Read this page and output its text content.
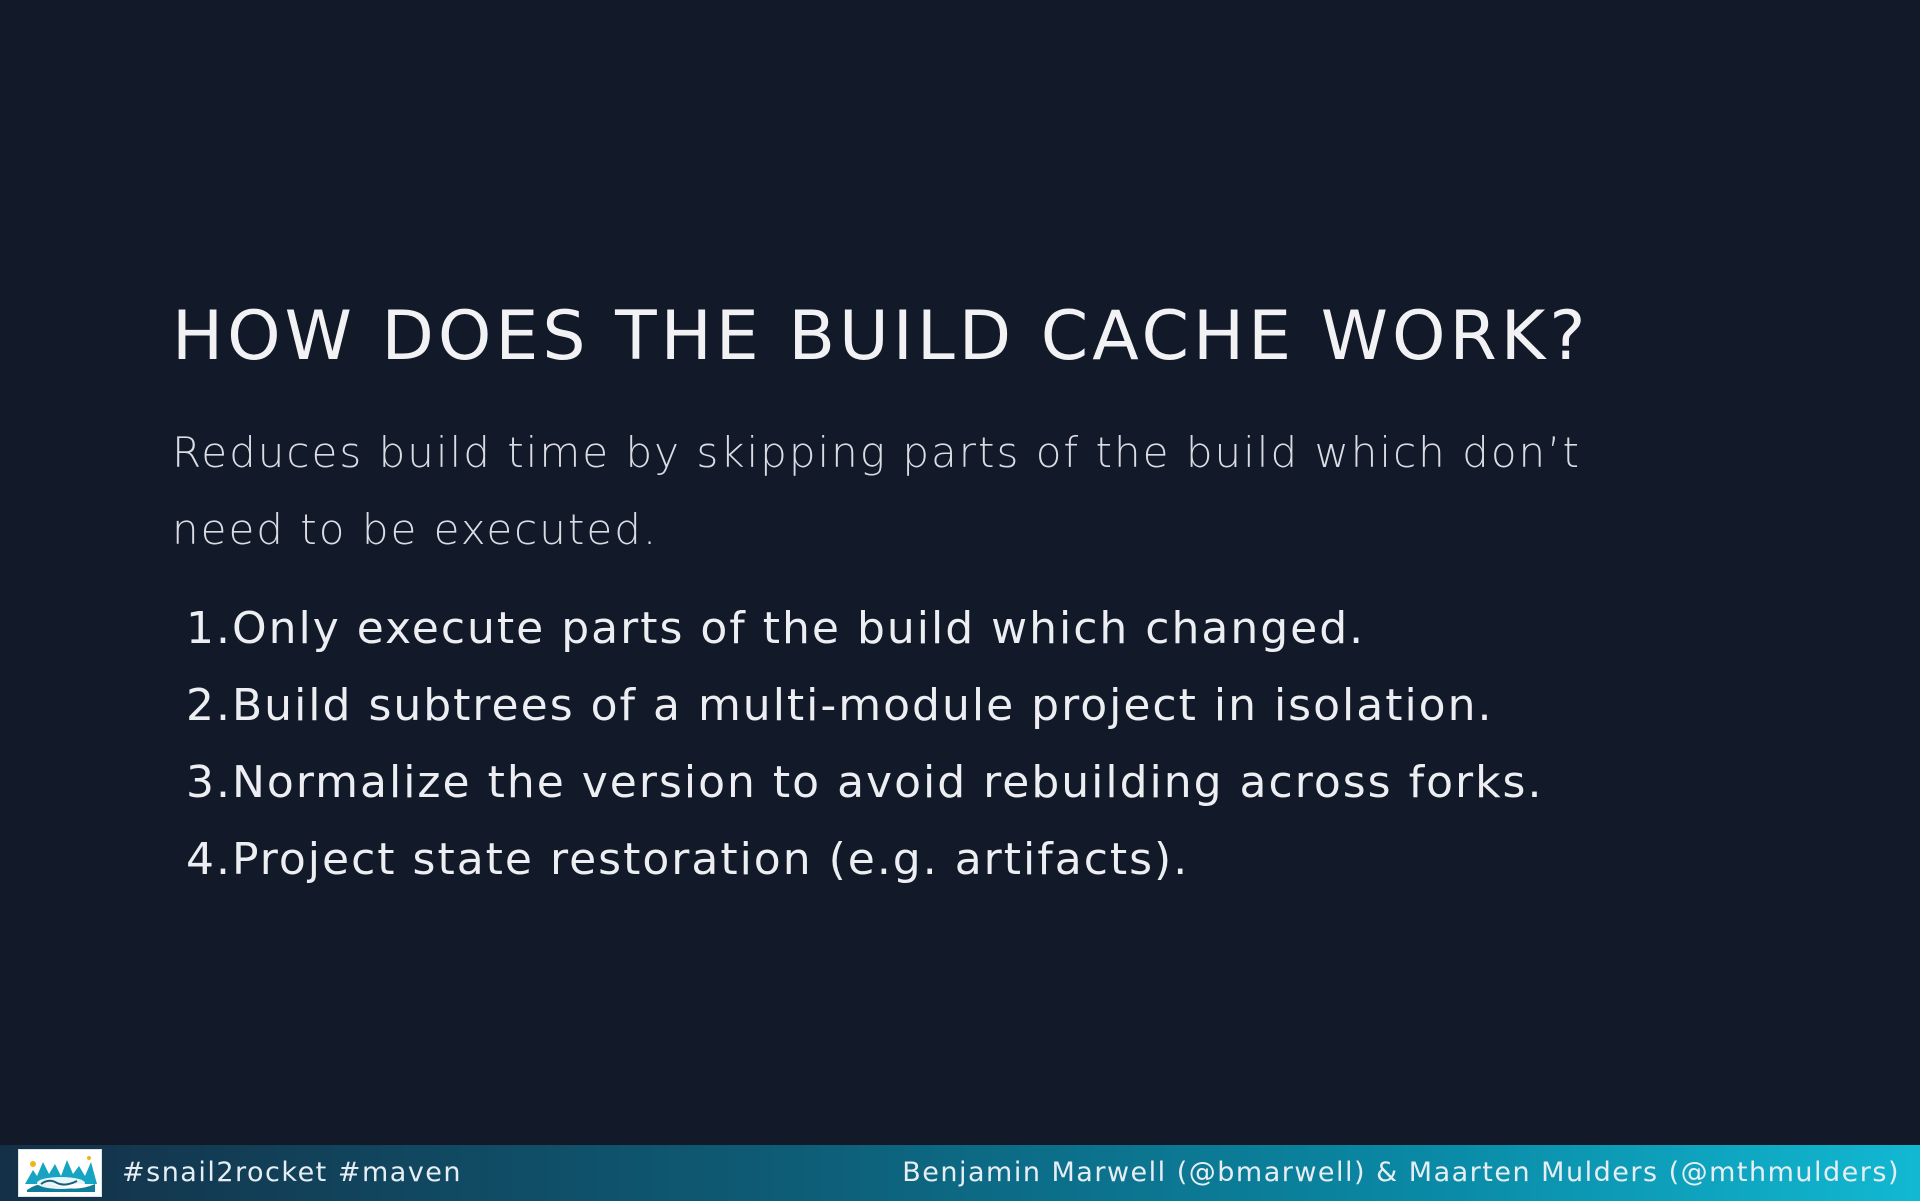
HOW DOES THE BUILD CACHE WORK?

Reduces build time by skipping parts of the build which don’t need to be executed.

1. Only execute parts of the build which changed.
2. Build subtrees of a multi-module project in isolation.
3. Normalize the version to avoid rebuilding across forks.
4. Project state restoration (e.g. artifacts).
#snail2rocket #maven	Benjamin Marwell (@bmarwell) & Maarten Mulders (@mthmulders)
